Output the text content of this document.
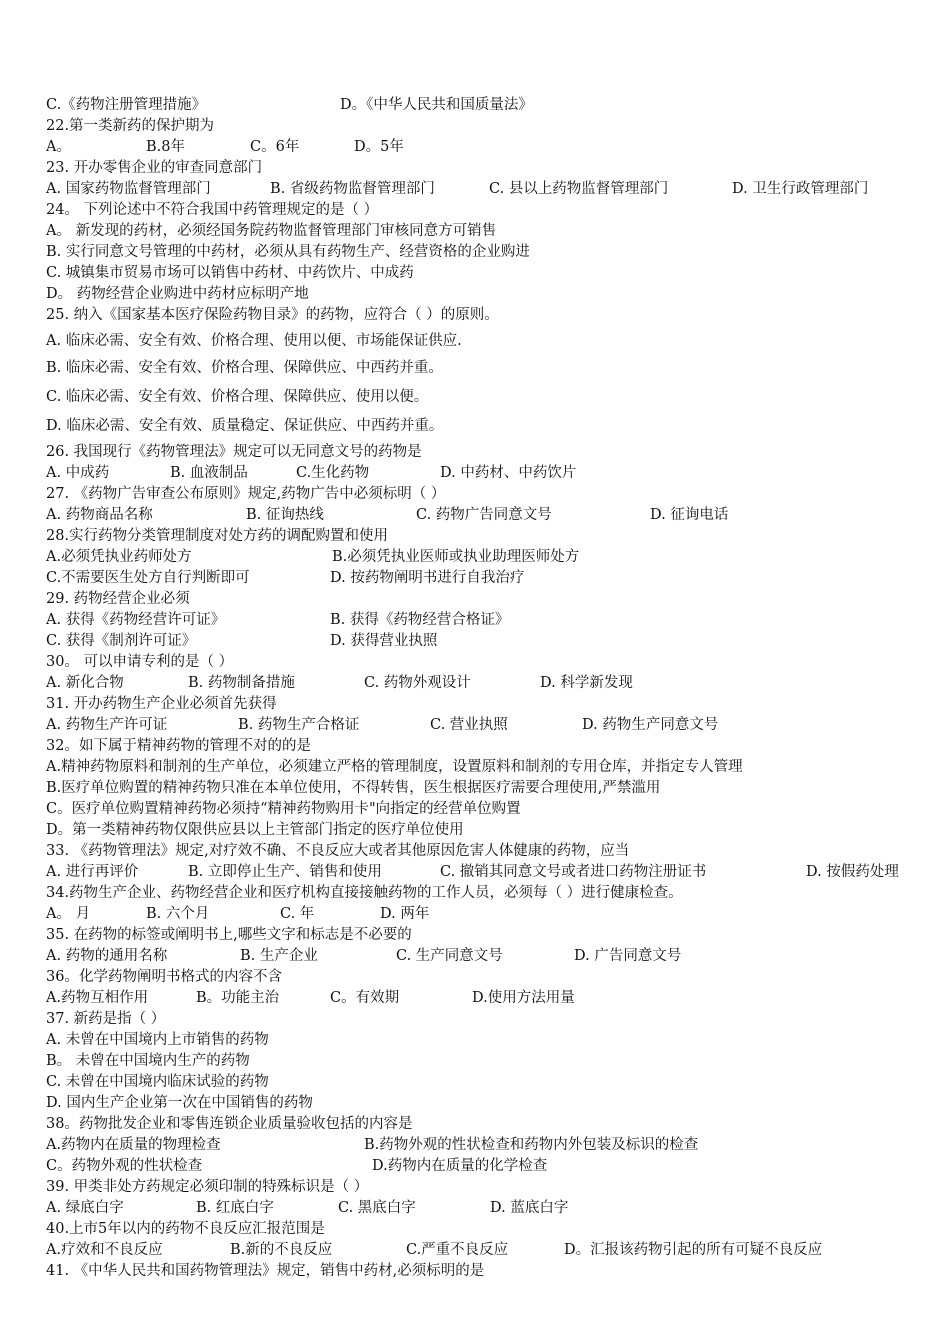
C.《药物注册管理措施》	D。《中华人民共和国质量法》
22.第一类新药的保护期为
A。	B.8年	C。6年	D。5年
23. 开办零售企业的审查同意部门
A. 国家药物监督管理部门	B. 省级药物监督管理部门	C. 县以上药物监督管理部门	D. 卫生行政管理部门
24。 下列论述中不符合我国中药管理规定的是（ ）
A。 新发现的药材，必须经国务院药物监督管理部门审核同意方可销售
B. 实行同意文号管理的中药材，必须从具有药物生产、经营资格的企业购进
C. 城镇集市贸易市场可以销售中药材、中药饮片、中成药
D。 药物经营企业购进中药材应标明产地
25. 纳入《国家基本医疗保险药物目录》的药物，应符合（ ）的原则。
A. 临床必需、安全有效、价格合理、使用以便、市场能保证供应.
B. 临床必需、安全有效、价格合理、保障供应、中西药并重。
C. 临床必需、安全有效、价格合理、保障供应、使用以便。
D. 临床必需、安全有效、质量稳定、保证供应、中西药并重。
26. 我国现行《药物管理法》规定可以无同意文号的药物是
A. 中成药	B. 血液制品	C.生化药物	D. 中药材、中药饮片
27. 《药物广告审查公布原则》规定,药物广告中必须标明（ ）
A. 药物商品名称	B. 征询热线	C. 药物广告同意文号	D. 征询电话
28.实行药物分类管理制度对处方药的调配购置和使用
A.必须凭执业药师处方	B.必须凭执业医师或执业助理医师处方
C.不需要医生处方自行判断即可	D. 按药物阐明书进行自我治疗
29. 药物经营企业必须
A. 获得《药物经营许可证》	B. 获得《药物经营合格证》
C. 获得《制剂许可证》	D. 获得营业执照
30。 可以申请专利的是（ ）
A. 新化合物	B. 药物制备措施	C. 药物外观设计	D. 科学新发现
31. 开办药物生产企业必须首先获得
A. 药物生产许可证	B. 药物生产合格证	C. 营业执照	D. 药物生产同意文号
32。如下属于精神药物的管理不对的的是
A.精神药物原料和制剂的生产单位，必须建立严格的管理制度，设置原料和制剂的专用仓库，并指定专人管理
B.医疗单位购置的精神药物只准在本单位使用，不得转售，医生根据医疗需要合理使用,严禁滥用
C。医疗单位购置精神药物必须持“精神药物购用卡"向指定的经营单位购置
D。第一类精神药物仅限供应县以上主管部门指定的医疗单位使用
33. 《药物管理法》规定,对疗效不确、不良反应大或者其他原因危害人体健康的药物，应当
A. 进行再评价	B. 立即停止生产、销售和使用	C. 撤销其同意文号或者进口药物注册证书	D. 按假药处理
34.药物生产企业、药物经营企业和医疗机构直接接触药物的工作人员，必须每（ ）进行健康检查。
A。 月	B. 六个月	C. 年	D. 两年
35. 在药物的标签或阐明书上,哪些文字和标志是不必要的
A. 药物的通用名称	B. 生产企业	C. 生产同意文号	D. 广告同意文号
36。化学药物阐明书格式的内容不含
A.药物互相作用	B。功能主治	C。有效期	D.使用方法用量
37. 新药是指（ ）
A. 未曾在中国境内上市销售的药物
B。 未曾在中国境内生产的药物
C. 未曾在中国境内临床试验的药物
D. 国内生产企业第一次在中国销售的药物
38。药物批发企业和零售连锁企业质量验收包括的内容是
A.药物内在质量的物理检查	B.药物外观的性状检查和药物内外包装及标识的检查
C。药物外观的性状检查	D.药物内在质量的化学检查
39. 甲类非处方药规定必须印制的特殊标识是（ ）
A. 绿底白字	B. 红底白字	C. 黑底白字	D. 蓝底白字
40.上市5年以内的药物不良反应汇报范围是
A.疗效和不良反应	B.新的不良反应	C.严重不良反应	D。汇报该药物引起的所有可疑不良反应
41. 《中华人民共和国药物管理法》规定，销售中药材,必须标明的是
